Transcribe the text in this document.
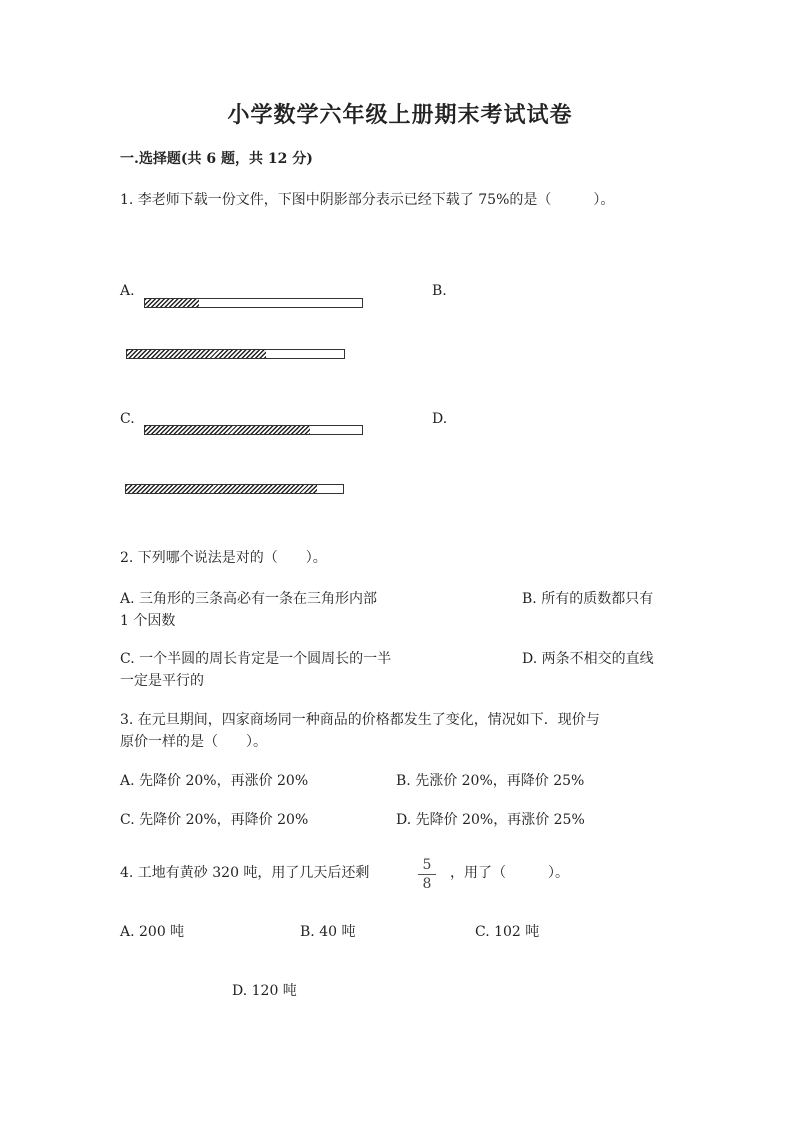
小学数学六年级上册期末考试试卷
一.选择题(共 6 题，共 12 分)
1. 李老师下载一份文件，下图中阴影部分表示已经下载了 75%的是（　　　）。
A.	B.
C.	D.
2. 下列哪个说法是对的（　　）。
A. 三角形的三条高必有一条在三角形内部	B. 所有的质数都只有
1 个因数
C. 一个半圆的周长肯定是一个圆周长的一半	D. 两条不相交的直线
一定是平行的
3. 在元旦期间，四家商场同一种商品的价格都发生了变化，情况如下．现价与
原价一样的是（　　）。
A. 先降价 20%，再涨价 20%	B. 先涨价 20%，再降价 25%
C. 先降价 20%，再降价 20%	D. 先降价 20%，再涨价 25%
4. 工地有黄砂 320 吨，用了几天后还剩	5
8
，用了（　　　）。
A. 200 吨	B. 40 吨	C. 102 吨
D. 120 吨
